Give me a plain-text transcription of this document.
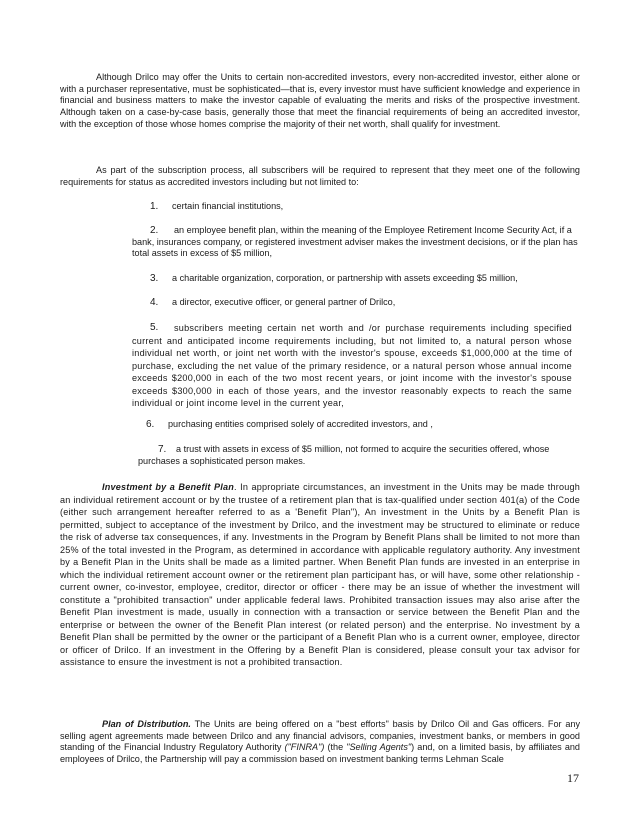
Although Drilco may offer the Units to certain non-accredited investors, every non-accredited investor, either alone or with a purchaser representative, must be sophisticated—that is, every investor must have sufficient knowledge and experience in financial and business matters to make the investor capable of evaluating the merits and risks of the prospective investment. Although taken on a case-by-case basis, generally those that meet the financial requirements of being an accredited investor, with the exception of those whose homes comprise the majority of their net worth, shall qualify for investment.

As part of the subscription process, all subscribers will be required to represent that they meet one of the following requirements for status as accredited investors including but not limited to:

1. certain financial institutions,
2.	an employee benefit plan, within the meaning of the Employee Retirement Income Security Act, if a bank, insurances company, or registered investment adviser makes the investment decisions, or if the plan has total assets in excess of $5 million,
3. a charitable organization, corporation, or partnership with assets exceeding $5 million,
4. a director, executive officer, or general partner of Drilco,
5.	subscribers meeting certain net worth and /or purchase requirements including specified current and anticipated income requirements including, but not limited to, a natural person whose individual net worth, or joint net worth with the investor's spouse, exceeds $1,000,000 at the time of purchase, excluding the net value of the primary residence, or a natural person whose annual income exceeds $200,000 in each of the two most recent years, or joint income with the investor's spouse exceeds $300,000 in each of those years, and the investor reasonably expects to reach the same individual or joint income level in the current year,
6. purchasing entities comprised solely of accredited investors, and ,
7.	a trust with assets in excess of $5 million, not formed to acquire the securities offered, whose purchases a sophisticated person makes.

Investment by a Benefit Plan. In appropriate circumstances, an investment in the Units may be made through an individual retirement account or by the trustee of a retirement plan that is tax-qualified under section 401(a) of the Code (either such arrangement hereafter referred to as a 'Benefit Plan"), An investment in the Units by a Benefit Plan is permitted, subject to acceptance of the investment by Drilco, and the investment may be structured to eliminate or reduce the risk of adverse tax consequences, if any. Investments in the Program by Benefit Plans shall be limited to not more than 25% of the total invested in the Program, as determined in accordance with applicable regulatory authority. Any investment by a Benefit Plan in the Units shall be made as a limited partner. When Benefit Plan funds are invested in an enterprise in which the individual retirement account owner or the retirement plan participant has, or will have, some other relationship - current owner, co-investor, employee, creditor, director or officer - there may be an issue of whether the investment will constitute a "prohibited transaction" under applicable federal laws. Prohibited transaction issues may also arise after the Benefit Plan investment is made, usually in connection with a transaction or service between the Benefit Plan and the enterprise or between the owner of the Benefit Plan interest (or related person) and the enterprise. No investment by a Benefit Plan shall be permitted by the owner or the participant of a Benefit Plan who is a current owner, employee, director or officer of Drilco. If an investment in the Offering by a Benefit Plan is considered, please consult your tax advisor for assistance to ensure the investment is not a prohibited transaction.

Plan of Distribution. The Units are being offered on a "best efforts" basis by Drilco Oil and Gas officers. For any selling agent agreements made between Drilco and any financial advisors, companies, investment banks, or members in good standing of the Financial Industry Regulatory Authority ("FINRA") (the "Selling Agents") and, on a limited basis, by affiliates and employees of Drilco, the Partnership will pay a commission based on investment banking terms Lehman Scale

17
